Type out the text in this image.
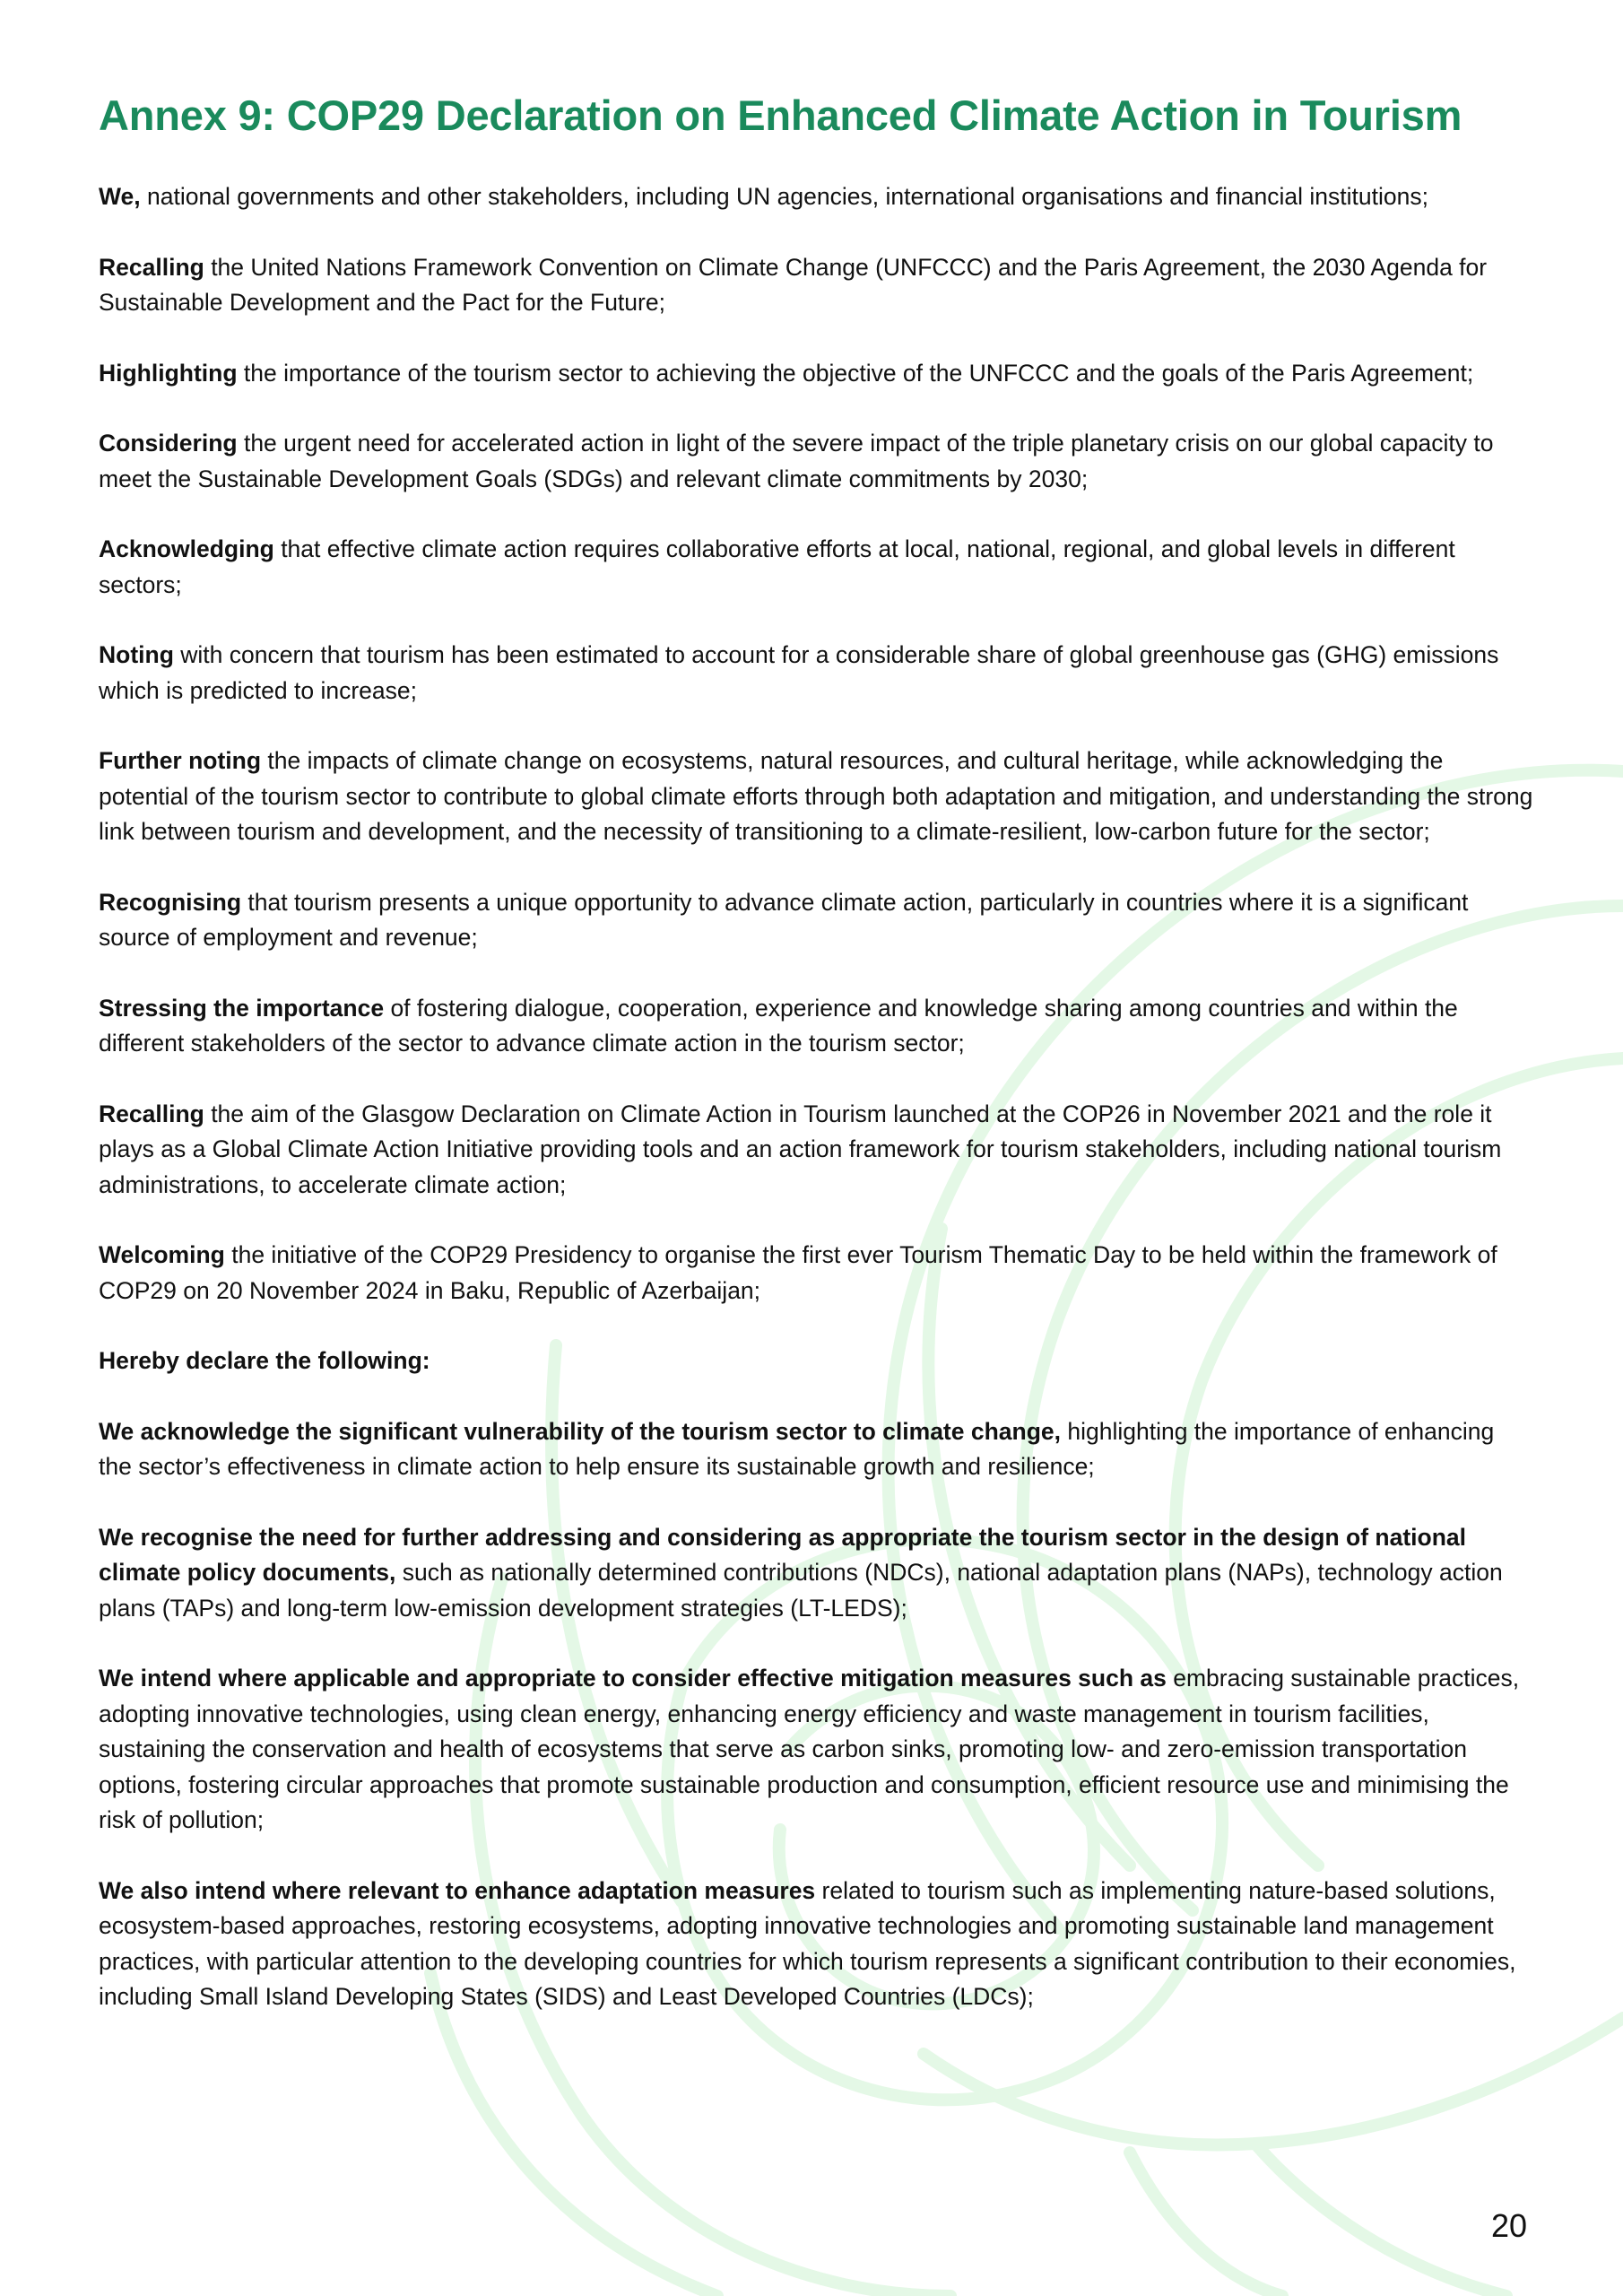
Annex 9: COP29 Declaration on Enhanced Climate Action in Tourism

We, national governments and other stakeholders, including UN agencies, international organisations and financial institutions;

Recalling the United Nations Framework Convention on Climate Change (UNFCCC) and the Paris Agreement, the 2030 Agenda for Sustainable Development and the Pact for the Future;

Highlighting the importance of the tourism sector to achieving the objective of the UNFCCC and the goals of the Paris Agreement;

Considering the urgent need for accelerated action in light of the severe impact of the triple planetary crisis on our global capacity to meet the Sustainable Development Goals (SDGs) and relevant climate commitments by 2030;

Acknowledging that effective climate action requires collaborative efforts at local, national, regional, and global levels in different sectors;

Noting with concern that tourism has been estimated to account for a considerable share of global greenhouse gas (GHG) emissions which is predicted to increase;

Further noting the impacts of climate change on ecosystems, natural resources, and cultural heritage, while acknowledging the potential of the tourism sector to contribute to global climate efforts through both adaptation and mitigation, and understanding the strong link between tourism and development, and the necessity of transitioning to a climate-resilient, low-carbon future for the sector;

Recognising that tourism presents a unique opportunity to advance climate action, particularly in countries where it is a significant source of employment and revenue;

Stressing the importance of fostering dialogue, cooperation, experience and knowledge sharing among countries and within the different stakeholders of the sector to advance climate action in the tourism sector;

Recalling the aim of the Glasgow Declaration on Climate Action in Tourism launched at the COP26 in November 2021 and the role it plays as a Global Climate Action Initiative providing tools and an action framework for tourism stakeholders, including national tourism administrations, to accelerate climate action;

Welcoming the initiative of the COP29 Presidency to organise the first ever Tourism Thematic Day to be held within the framework of COP29 on 20 November 2024 in Baku, Republic of Azerbaijan;

Hereby declare the following:

We acknowledge the significant vulnerability of the tourism sector to climate change, highlighting the importance of enhancing the sector’s effectiveness in climate action to help ensure its sustainable growth and resilience;

We recognise the need for further addressing and considering as appropriate the tourism sector in the design of national climate policy documents, such as nationally determined contributions (NDCs), national adaptation plans (NAPs), technology action plans (TAPs) and long-term low-emission development strategies (LT-LEDS);

We intend where applicable and appropriate to consider effective mitigation measures such as embracing sustainable practices, adopting innovative technologies, using clean energy, enhancing energy efficiency and waste management in tourism facilities, sustaining the conservation and health of ecosystems that serve as carbon sinks, promoting low- and zero-emission transportation options, fostering circular approaches that promote sustainable production and consumption, efficient resource use and minimising the risk of pollution;

We also intend where relevant to enhance adaptation measures related to tourism such as implementing nature-based solutions, ecosystem-based approaches, restoring ecosystems, adopting innovative technologies and promoting sustainable land management practices, with particular attention to the developing countries for which tourism represents a significant contribution to their economies, including Small Island Developing States (SIDS) and Least Developed Countries (LDCs);

20
